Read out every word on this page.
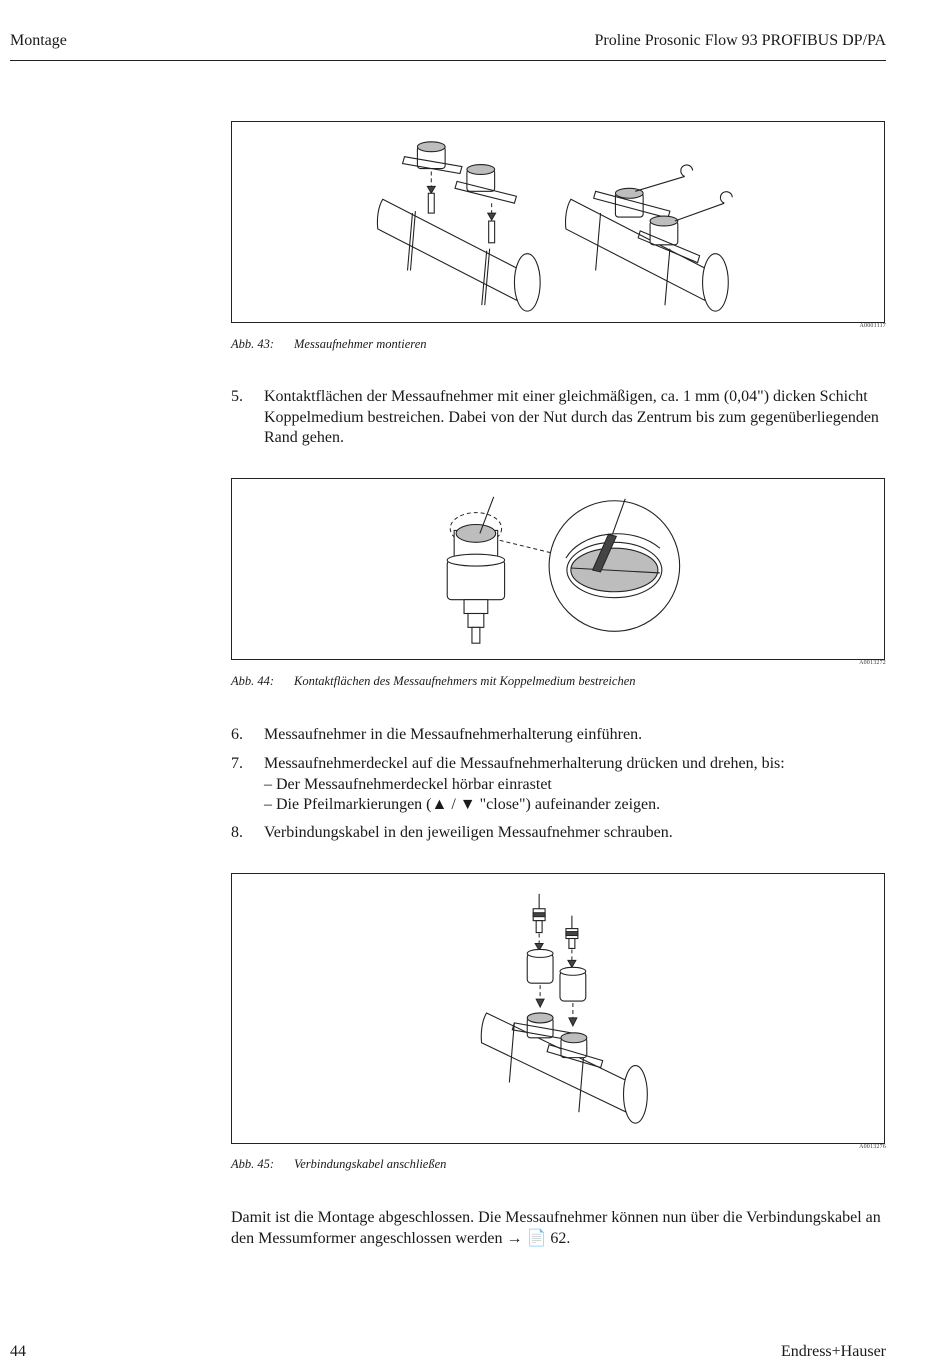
Montage	Proline Prosonic Flow 93 PROFIBUS DP/PA
A0001117
Abb. 43: Messaufnehmer montieren
5. Kontaktflächen der Messaufnehmer mit einer gleichmäßigen, ca. 1 mm (0,04") dicken Schicht Koppelmedium bestreichen. Dabei von der Nut durch das Zentrum bis zum gegenüberliegenden Rand gehen.
A0013272
Abb. 44: Kontaktflächen des Messaufnehmers mit Koppelmedium bestreichen
6. Messaufnehmer in die Messaufnehmerhalterung einführen.
7. Messaufnehmerdeckel auf die Messaufnehmerhalterung drücken und drehen, bis:
– Der Messaufnehmerdeckel hörbar einrastet
– Die Pfeilmarkierungen (▲ / ▼ "close") aufeinander zeigen.
8. Verbindungskabel in den jeweiligen Messaufnehmer schrauben.
A0013276
Abb. 45: Verbindungskabel anschließen
Damit ist die Montage abgeschlossen. Die Messaufnehmer können nun über die Verbindungskabel an den Messumformer angeschlossen werden → 📄 62.
44	Endress+Hauser
